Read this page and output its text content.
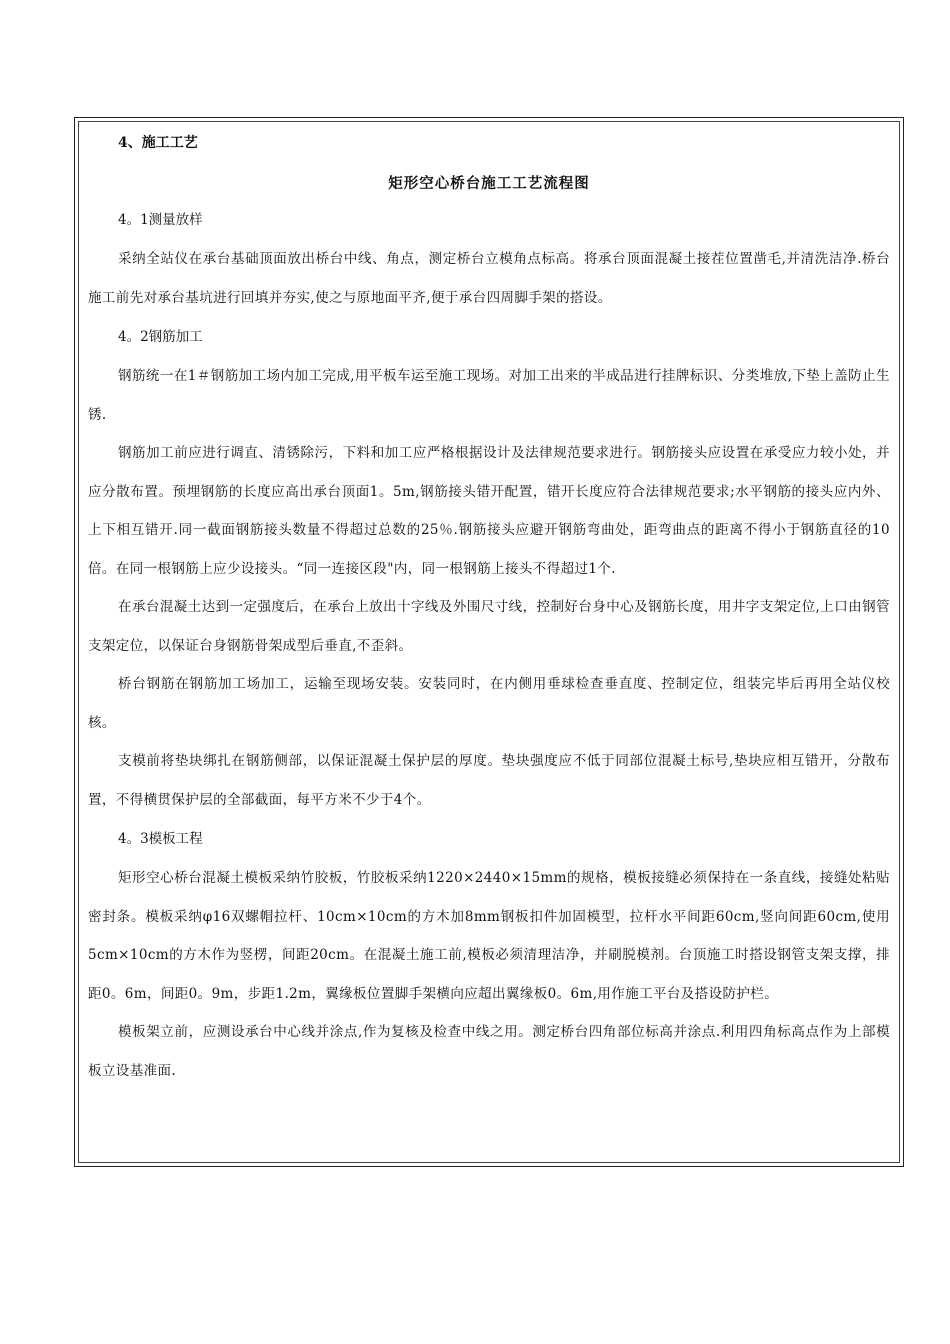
4、施工工艺
矩形空心桥台施工工艺流程图
4。1测量放样

采纳全站仪在承台基础顶面放出桥台中线、角点，测定桥台立模角点标高。将承台顶面混凝土接茬位置凿毛,并清洗洁净.桥台施工前先对承台基坑进行回填并夯实,使之与原地面平齐,便于承台四周脚手架的搭设。

4。2钢筋加工

钢筋统一在1＃钢筋加工场内加工完成,用平板车运至施工现场。对加工出来的半成品进行挂牌标识、分类堆放,下垫上盖防止生锈.

钢筋加工前应进行调直、清锈除污，下料和加工应严格根据设计及法律规范要求进行。钢筋接头应设置在承受应力较小处，并应分散布置。预埋钢筋的长度应高出承台顶面1。5m,钢筋接头错开配置，错开长度应符合法律规范要求;水平钢筋的接头应内外、上下相互错开.同一截面钢筋接头数量不得超过总数的25％.钢筋接头应避开钢筋弯曲处，距弯曲点的距离不得小于钢筋直径的10倍。在同一根钢筋上应少设接头。“同一连接区段"内，同一根钢筋上接头不得超过1个.

在承台混凝土达到一定强度后，在承台上放出十字线及外围尺寸线，控制好台身中心及钢筋长度，用井字支架定位,上口由钢管支架定位，以保证台身钢筋骨架成型后垂直,不歪斜。

桥台钢筋在钢筋加工场加工，运输至现场安装。安装同时，在内侧用垂球检查垂直度、控制定位，组装完毕后再用全站仪校核。

支模前将垫块绑扎在钢筋侧部，以保证混凝土保护层的厚度。垫块强度应不低于同部位混凝土标号,垫块应相互错开，分散布置，不得横贯保护层的全部截面，每平方米不少于4个。

4。3模板工程

矩形空心桥台混凝土模板采纳竹胶板，竹胶板采纳1220×2440×15mm的规格，模板接缝必须保持在一条直线，接缝处粘贴密封条。模板采纳φ16双螺帽拉杆、10cm×10cm的方木加8mm钢板扣件加固模型，拉杆水平间距60cm,竖向间距60cm,使用5cm×10cm的方木作为竖楞，间距20cm。在混凝土施工前,模板必须清理洁净，并刷脱模剂。台顶施工时搭设钢管支架支撑，排距0。6m，间距0。9m，步距1.2m，翼缘板位置脚手架横向应超出翼缘板0。6m,用作施工平台及搭设防护栏。

模板架立前，应测设承台中心线并涂点,作为复核及检查中线之用。测定桥台四角部位标高并涂点.利用四角标高点作为上部模板立设基准面.
